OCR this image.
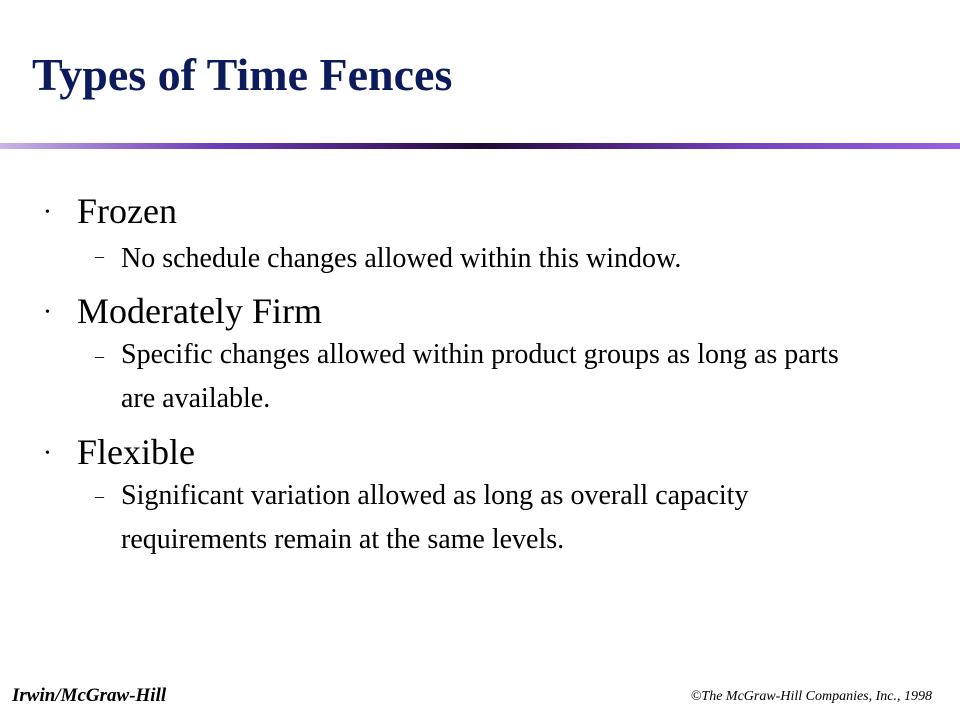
Types of Time Fences
• Frozen
– No schedule changes allowed within this window.
• Moderately Firm
– Specific changes allowed within product groups as long as parts are available.
• Flexible
– Significant variation allowed as long as overall capacity requirements remain at the same levels.
Irwin/McGraw-Hill	©The McGraw-Hill Companies, Inc., 1998
